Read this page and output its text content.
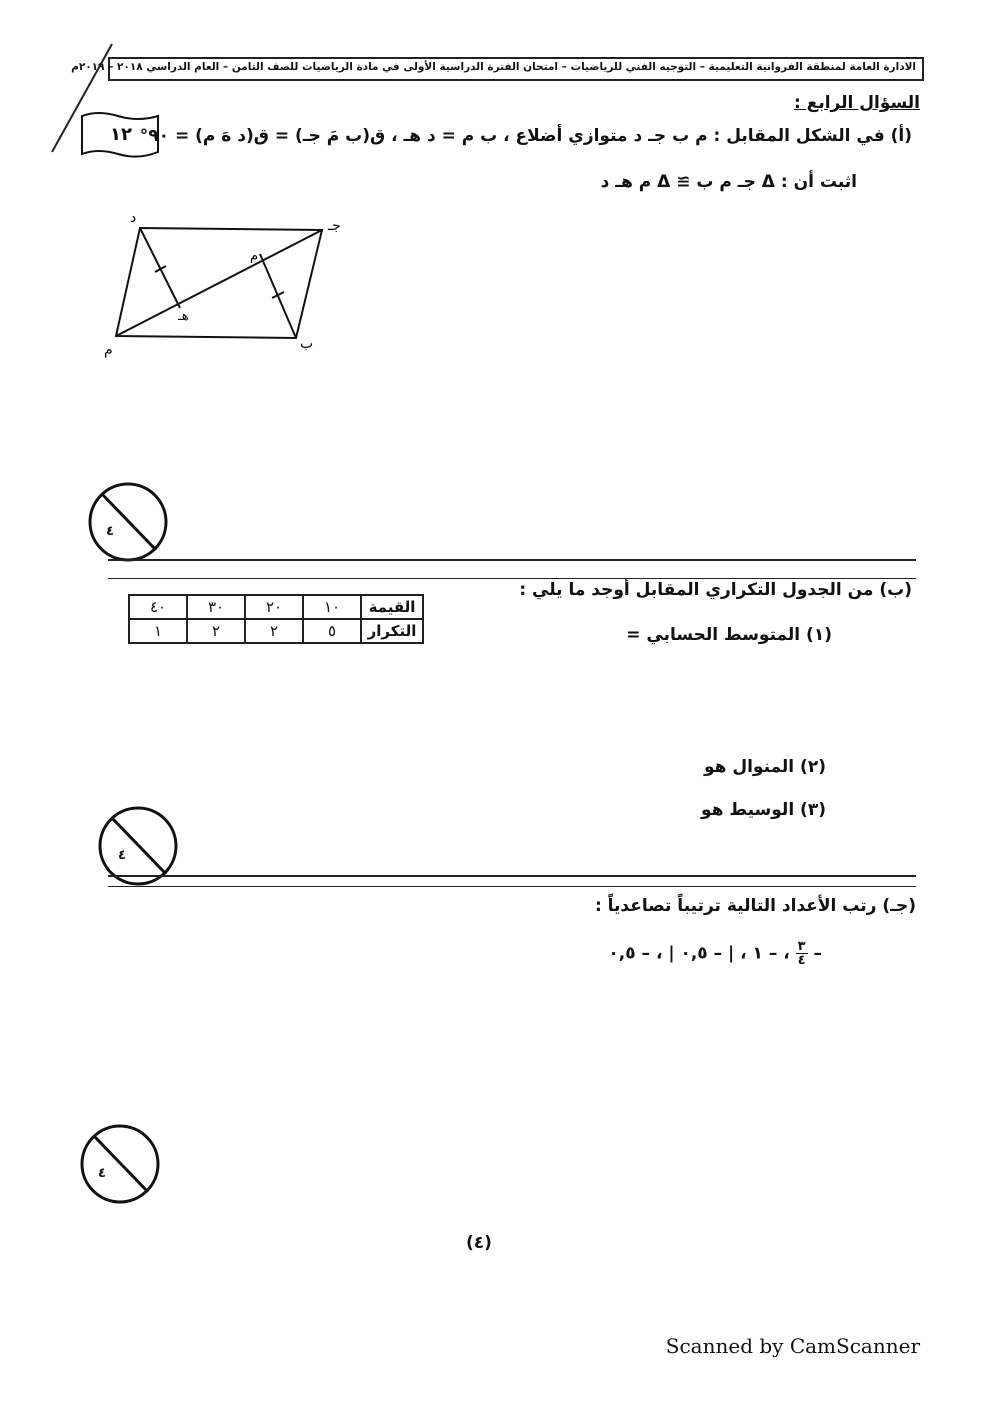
الادارة العامة لمنطقة الفروانية التعليمية – التوجيه الفني للرياضيات – امتحان الفترة الدراسية الأولى في مادة الرياضيات للصف الثامن – العام الدراسي ٢٠١٨ – ٢٠١٩م
١٢
السؤال الرابع :
(أ) في الشكل المقابل : م ب جـ د متوازي أضلاع ، ب م = د هـ ، ق(ب مَ جـ) = ق(د هَ م) = ٩٠°
اثبت أن : Δ جـ م ب ≅ Δ م هـ د
د	جـ
م	ب
هـ
م
٤
(ب) من الجدول التكراري المقابل أوجد ما يلي :
٤٠	٣٠	٢٠	١٠	القيمة
١	٢	٢	٥	التكرار	(١) المتوسط الحسابي =
(٢) المنوال هو
(٣) الوسيط هو
٤
(جـ) رتب الأعداد التالية ترتيباً تصاعدياً :
–
$\frac{٣}{٤}$
، – ١ ، | – ٠,٥ | ، – ٠,٥
٤
(٤)
Scanned by CamScanner
